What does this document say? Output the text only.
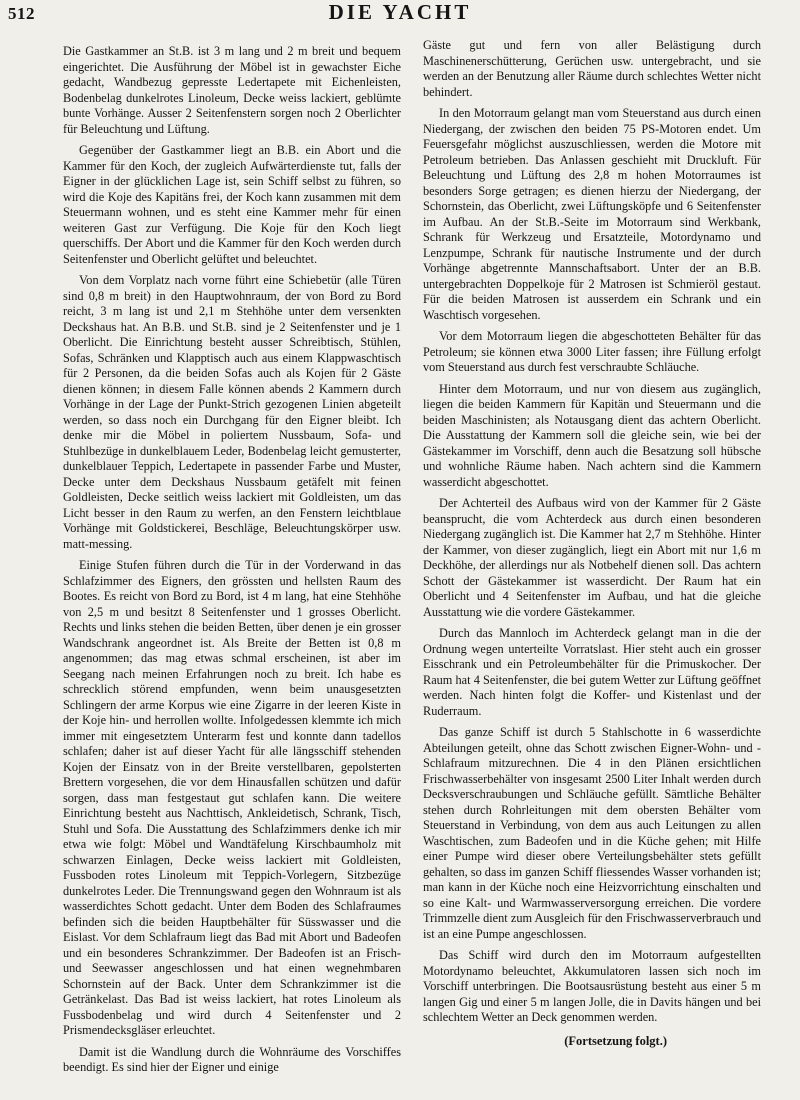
512	DIE YACHT

Die Gastkammer an St.B. ist 3 m lang und 2 m breit und bequem eingerichtet. Die Ausführung der Möbel ist in gewachster Eiche gedacht, Wandbezug gepresste Ledertapete mit Eichenleisten, Bodenbelag dunkelrotes Linoleum, Decke weiss lackiert, geblümte bunte Vorhänge. Ausser 2 Seitenfenstern sorgen noch 2 Oberlichter für Beleuchtung und Lüftung.

Gegenüber der Gastkammer liegt an B.B. ein Abort und die Kammer für den Koch, der zugleich Aufwärterdienste tut, falls der Eigner in der glücklichen Lage ist, sein Schiff selbst zu führen, so wird die Koje des Kapitäns frei, der Koch kann zusammen mit dem Steuermann wohnen, und es steht eine Kammer mehr für einen weiteren Gast zur Verfügung. Die Koje für den Koch liegt querschiffs. Der Abort und die Kammer für den Koch werden durch Seitenfenster und Oberlicht gelüftet und beleuchtet.

Von dem Vorplatz nach vorne führt eine Schiebetür (alle Türen sind 0,8 m breit) in den Hauptwohnraum, der von Bord zu Bord reicht, 3 m lang ist und 2,1 m Stehhöhe unter dem versenkten Deckshaus hat. An B.B. und St.B. sind je 2 Seitenfenster und je 1 Oberlicht. Die Einrichtung besteht ausser Schreibtisch, Stühlen, Sofas, Schränken und Klapptisch auch aus einem Klappwaschtisch für 2 Personen, da die beiden Sofas auch als Kojen für 2 Gäste dienen können; in diesem Falle können abends 2 Kammern durch Vorhänge in der Lage der Punkt-Strich gezogenen Linien abgeteilt werden, so dass noch ein Durchgang für den Eigner bleibt. Ich denke mir die Möbel in poliertem Nussbaum, Sofa- und Stuhlbezüge in dunkelblauem Leder, Bodenbelag leicht gemusterter, dunkelblauer Teppich, Ledertapete in passender Farbe und Muster, Decke unter dem Deckshaus Nussbaum getäfelt mit feinen Goldleisten, Decke seitlich weiss lackiert mit Goldleisten, um das Licht besser in den Raum zu werfen, an den Fenstern leichtblaue Vorhänge mit Goldstickerei, Beschläge, Beleuchtungskörper usw. matt-messing.

Einige Stufen führen durch die Tür in der Vorderwand in das Schlafzimmer des Eigners, den grössten und hellsten Raum des Bootes. Es reicht von Bord zu Bord, ist 4 m lang, hat eine Stehhöhe von 2,5 m und besitzt 8 Seitenfenster und 1 grosses Oberlicht. Rechts und links stehen die beiden Betten, über denen je ein grosser Wandschrank angeordnet ist. Als Breite der Betten ist 0,8 m angenommen; das mag etwas schmal erscheinen, ist aber im Seegang nach meinen Erfahrungen noch zu breit. Ich habe es schrecklich störend empfunden, wenn beim unausgesetzten Schlingern der arme Korpus wie eine Zigarre in der leeren Kiste in der Koje hin- und herrollen wollte. Infolgedessen klemmte ich mich immer mit eingesetztem Unterarm fest und konnte dann tadellos schlafen; daher ist auf dieser Yacht für alle längsschiff stehenden Kojen der Einsatz von in der Breite verstellbaren, gepolsterten Brettern vorgesehen, die vor dem Hinausfallen schützen und dafür sorgen, dass man festgestaut gut schlafen kann. Die weitere Einrichtung besteht aus Nachttisch, Ankleidetisch, Schrank, Tisch, Stuhl und Sofa. Die Ausstattung des Schlafzimmers denke ich mir etwa wie folgt: Möbel und Wandtäfelung Kirschbaumholz mit schwarzen Einlagen, Decke weiss lackiert mit Goldleisten, Fussboden rotes Linoleum mit Teppich-Vorlegern, Sitzbezüge dunkelrotes Leder. Die Trennungswand gegen den Wohnraum ist als wasserdichtes Schott gedacht. Unter dem Boden des Schlafraumes befinden sich die beiden Hauptbehälter für Süsswasser und die Eislast. Vor dem Schlafraum liegt das Bad mit Abort und Badeofen und ein besonderes Schrankzimmer. Der Badeofen ist an Frisch- und Seewasser angeschlossen und hat einen wegnehmbaren Schornstein auf der Back. Unter dem Schrankzimmer ist die Getränkelast. Das Bad ist weiss lackiert, hat rotes Linoleum als Fussbodenbelag und wird durch 4 Seitenfenster und 2 Prismendecksgläser erleuchtet.

Damit ist die Wandlung durch die Wohnräume des Vorschiffes beendigt. Es sind hier der Eigner und einige

Gäste gut und fern von aller Belästigung durch Maschinenerschütterung, Gerüchen usw. untergebracht, und sie werden an der Benutzung aller Räume durch schlechtes Wetter nicht behindert.

In den Motorraum gelangt man vom Steuerstand aus durch einen Niedergang, der zwischen den beiden 75 PS-Motoren endet. Um Feuersgefahr möglichst auszuschliessen, werden die Motore mit Petroleum betrieben. Das Anlassen geschieht mit Druckluft. Für Beleuchtung und Lüftung des 2,8 m hohen Motorraumes ist besonders Sorge getragen; es dienen hierzu der Niedergang, der Schornstein, das Oberlicht, zwei Lüftungsköpfe und 6 Seitenfenster im Aufbau. An der St.B.-Seite im Motorraum sind Werkbank, Schrank für Werkzeug und Ersatzteile, Motordynamo und Lenzpumpe, Schrank für nautische Instrumente und der durch Vorhänge abgetrennte Mannschaftsabort. Unter der an B.B. untergebrachten Doppelkoje für 2 Matrosen ist Schmieröl gestaut. Für die beiden Matrosen ist ausserdem ein Schrank und ein Waschtisch vorgesehen.

Vor dem Motorraum liegen die abgeschotteten Behälter für das Petroleum; sie können etwa 3000 Liter fassen; ihre Füllung erfolgt vom Steuerstand aus durch fest verschraubte Schläuche.

Hinter dem Motorraum, und nur von diesem aus zugänglich, liegen die beiden Kammern für Kapitän und Steuermann und die beiden Maschinisten; als Notausgang dient das achtern Oberlicht. Die Ausstattung der Kammern soll die gleiche sein, wie bei der Gästekammer im Vorschiff, denn auch die Besatzung soll hübsche und wohnliche Räume haben. Nach achtern sind die Kammern wasserdicht abgeschottet.

Der Achterteil des Aufbaus wird von der Kammer für 2 Gäste beansprucht, die vom Achterdeck aus durch einen besonderen Niedergang zugänglich ist. Die Kammer hat 2,7 m Stehhöhe. Hinter der Kammer, von dieser zugänglich, liegt ein Abort mit nur 1,6 m Deckhöhe, der allerdings nur als Notbehelf dienen soll. Das achtern Schott der Gästekammer ist wasserdicht. Der Raum hat ein Oberlicht und 4 Seitenfenster im Aufbau, und hat die gleiche Ausstattung wie die vordere Gästekammer.

Durch das Mannloch im Achterdeck gelangt man in die der Ordnung wegen unterteilte Vorratslast. Hier steht auch ein grosser Eisschrank und ein Petroleumbehälter für die Primuskocher. Der Raum hat 4 Seitenfenster, die bei gutem Wetter zur Lüftung geöffnet werden. Nach hinten folgt die Koffer- und Kistenlast und der Ruderraum.

Das ganze Schiff ist durch 5 Stahlschotte in 6 wasserdichte Abteilungen geteilt, ohne das Schott zwischen Eigner-Wohn- und -Schlafraum mitzurechnen. Die 4 in den Plänen ersichtlichen Frischwasserbehälter von insgesamt 2500 Liter Inhalt werden durch Decksverschraubungen und Schläuche gefüllt. Sämtliche Behälter stehen durch Rohrleitungen mit dem obersten Behälter vom Steuerstand in Verbindung, von dem aus auch Leitungen zu allen Waschtischen, zum Badeofen und in die Küche gehen; mit Hilfe einer Pumpe wird dieser obere Verteilungsbehälter stets gefüllt gehalten, so dass im ganzen Schiff fliessendes Wasser vorhanden ist; man kann in der Küche noch eine Heizvorrichtung einschalten und so eine Kalt- und Warmwasserversorgung erreichen. Die vordere Trimmzelle dient zum Ausgleich für den Frischwasserverbrauch und ist an eine Pumpe angeschlossen.

Das Schiff wird durch den im Motorraum aufgestellten Motordynamo beleuchtet, Akkumulatoren lassen sich noch im Vorschiff unterbringen. Die Bootsausrüstung besteht aus einer 5 m langen Gig und einer 5 m langen Jolle, die in Davits hängen und bei schlechtem Wetter an Deck genommen werden.

(Fortsetzung folgt.)
